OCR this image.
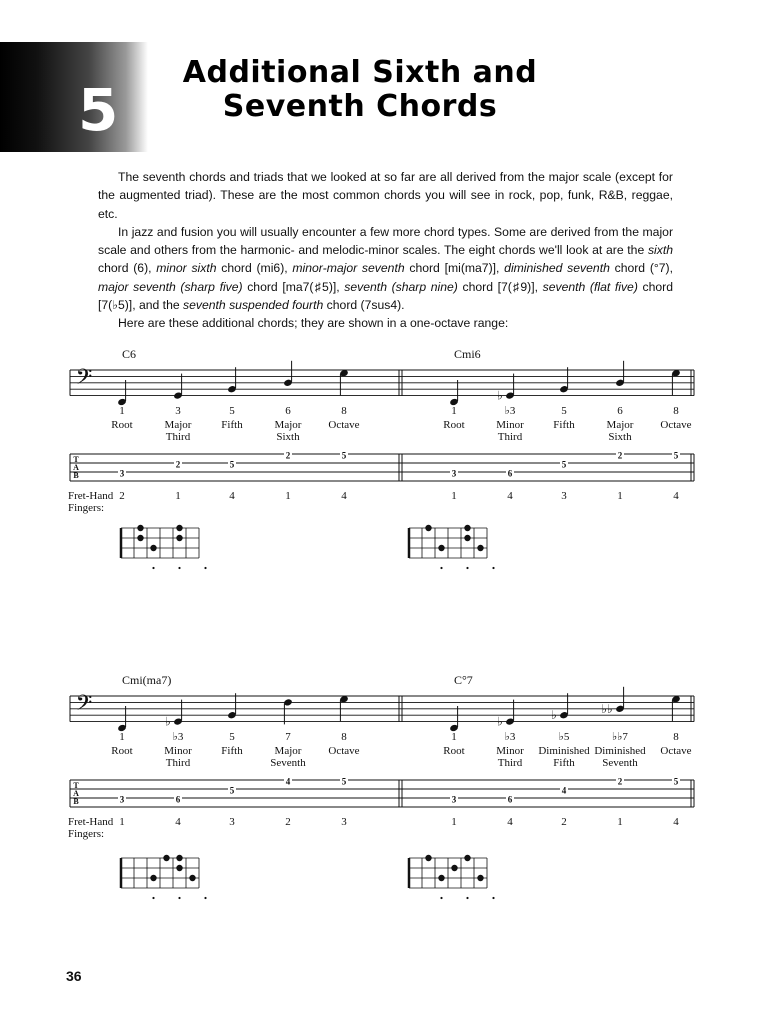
5
Additional Sixth and
Seventh Chords

The seventh chords and triads that we looked at so far are all derived from the major scale (except for the augmented triad). These are the most common chords you will see in rock, pop, funk, R&B, reggae, etc.

In jazz and fusion you will usually encounter a few more chord types. Some are derived from the major scale and others from the harmonic- and melodic-minor scales. The eight chords we'll look at are the sixth chord (6), minor sixth chord (mi6), minor-major seventh chord [mi(ma7)], diminished seventh chord (°7), major seventh (sharp five) chord [ma7(♯5)], seventh (sharp nine) chord [7(♯9)], seventh (flat five) chord [7(♭5)], and the seventh suspended fourth chord (7sus4).

Here are these additional chords; they are shown in a one-octave range:

𝄢
T
A
B
Fret-Hand
Fingers:
C6
1
Root
3
2
3
Major
Third
2
1
5
Fifth
5
4
6
Major
Sixth
2
1
8
Octave
5
4
Cmi6
1
Root
3
1
♭
♭3
Minor
Third
6
4
5
Fifth
5
3
6
Major
Sixth
2
1
8
Octave
5
4
𝄢
T
A
B
Fret-Hand
Fingers:
Cmi(ma7)
1
Root
3
1
♭
♭3
Minor
Third
6
4
5
Fifth
5
3
7
Major
Seventh
4
2
8
Octave
5
3
C°7
1
Root
3
1
♭
♭3
Minor
Third
6
4
♭
♭5
Diminished
Fifth
4
2
♭♭
♭♭7
Diminished
Seventh
2
1
8
Octave
5
4
36
